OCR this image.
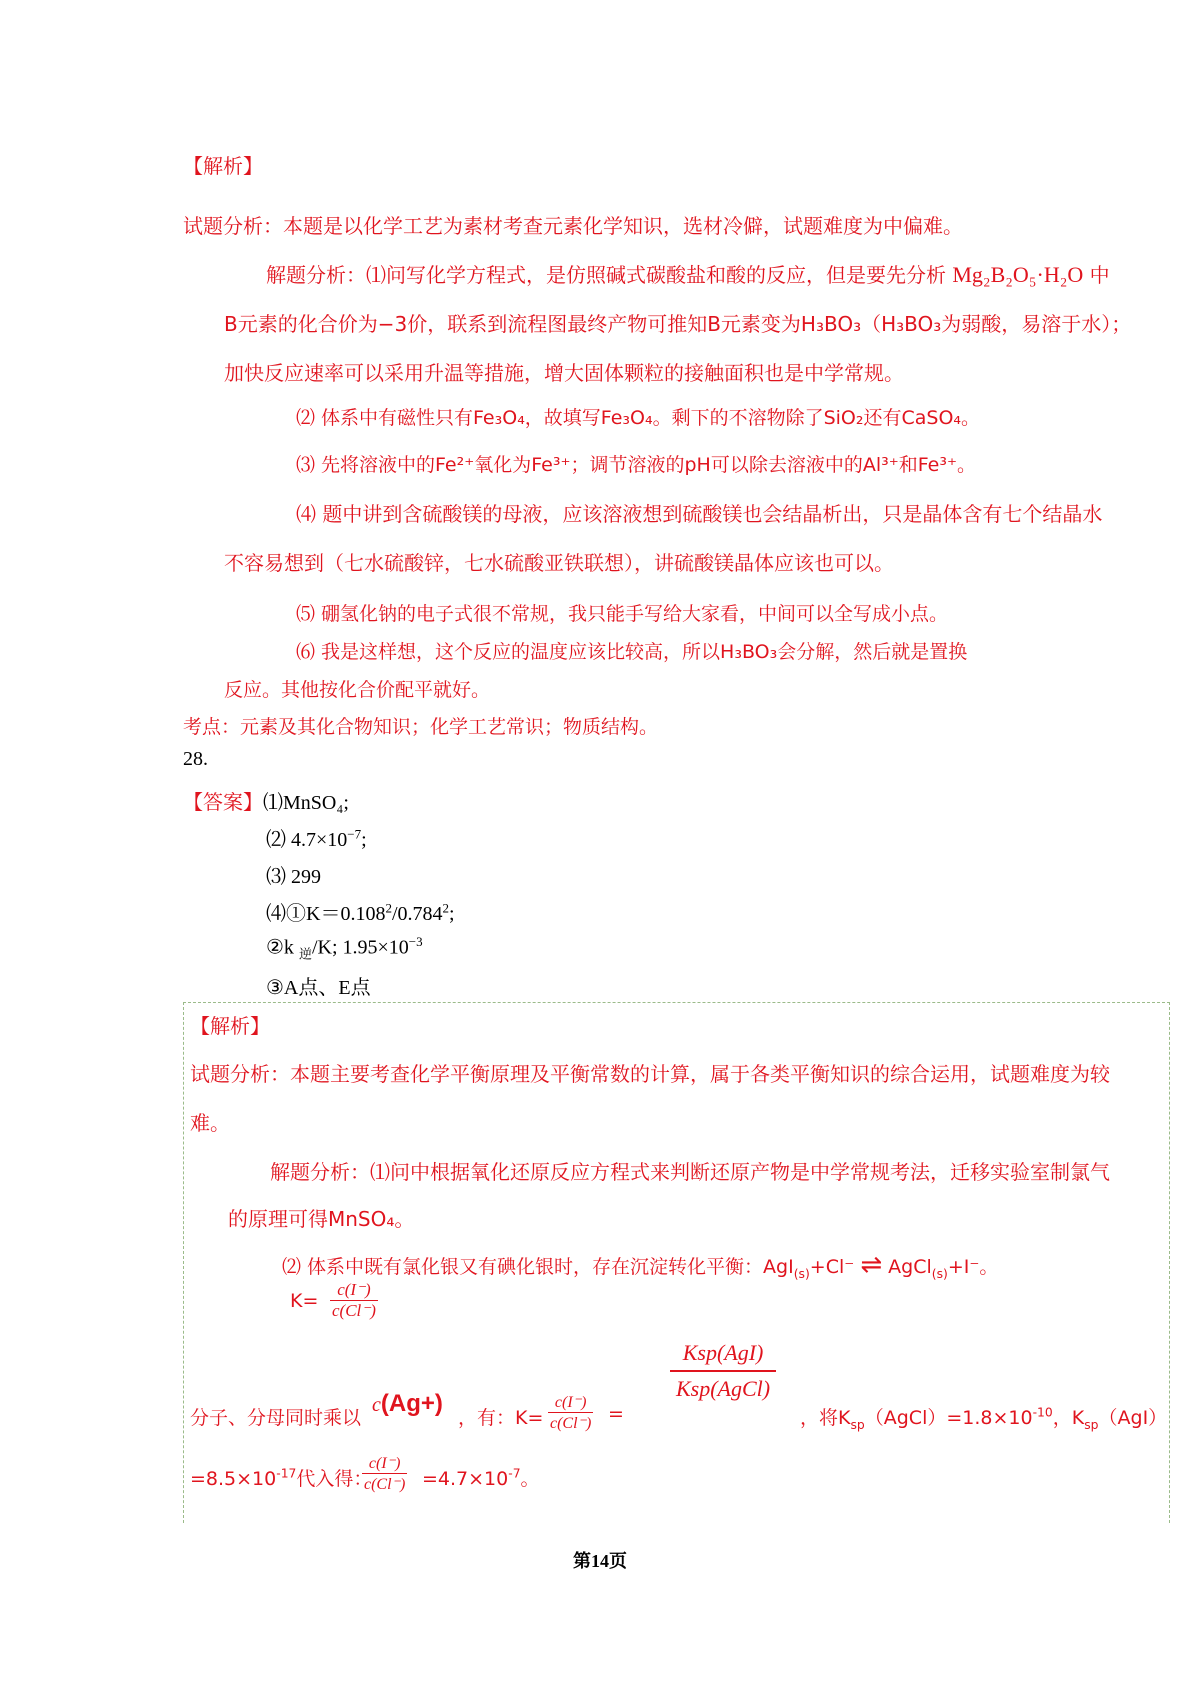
【解析】
试题分析：本题是以化学工艺为素材考查元素化学知识，选材冷僻，试题难度为中偏难。
解题分析：⑴问写化学方程式，是仿照碱式碳酸盐和酸的反应，但是要先分析 Mg₂B₂O₅·H₂O 中
B元素的化合价为−3价，联系到流程图最终产物可推知B元素变为H₃BO₃（H₃BO₃为弱酸，易溶于水）；
加快反应速率可以采用升温等措施，增大固体颗粒的接触面积也是中学常规。
⑵ 体系中有磁性只有Fe₃O₄，故填写Fe₃O₄。剩下的不溶物除了SiO₂还有CaSO₄。
⑶ 先将溶液中的Fe²⁺氧化为Fe³⁺；调节溶液的pH可以除去溶液中的Al³⁺和Fe³⁺。
⑷ 题中讲到含硫酸镁的母液，应该溶液想到硫酸镁也会结晶析出，只是晶体含有七个结晶水
不容易想到（七水硫酸锌，七水硫酸亚铁联想），讲硫酸镁晶体应该也可以。
⑸ 硼氢化钠的电子式很不常规，我只能手写给大家看，中间可以全写成小点。
⑹ 我是这样想，这个反应的温度应该比较高，所以H₃BO₃会分解，然后就是置换
反应。其他按化合价配平就好。
考点：元素及其化合物知识；化学工艺常识；物质结构。
28.
【答案】⑴MnSO₄;
⑵ $4.7\times 10^{-7}$;
⑶ 299
$⑷①K=0.108^2/0.784^2$;
②k $_逆$/K; $1.95\times 10^{-3}$
③A点、E点
【解析】
试题分析：本题主要考查化学平衡原理及平衡常数的计算，属于各类平衡知识的综合运用，试题难度为较
难。
解题分析：⑴问中根据氧化还原反应方程式来判断还原产物是中学常规考法，迁移实验室制氯气
的原理可得MnSO₄。
⑵ 体系中既有氯化银又有碘化银时，存在沉淀转化平衡：AgI$_{(s)}$+Cl⁻ ⇌ AgCl$_{(s)}$+I⁻。
$K= \frac{c(I^-)}{c(Cl^-)}$
Ksp(AgI)
Ksp(AgCl)
分子、分母同时乘以
c(Ag+)
，有：$K= \frac{c(I^-)}{c(Cl^-)}$ =	，将$K_{sp}(AgCl)=1.8\times 10^{-10}$，$K_{sp}(AgI)$
$=8.5\times 10^{-17}$代入得：
$\frac{c(I^-)}{c(Cl^-)} =4.7\times 10^{-7}$。
第14页
